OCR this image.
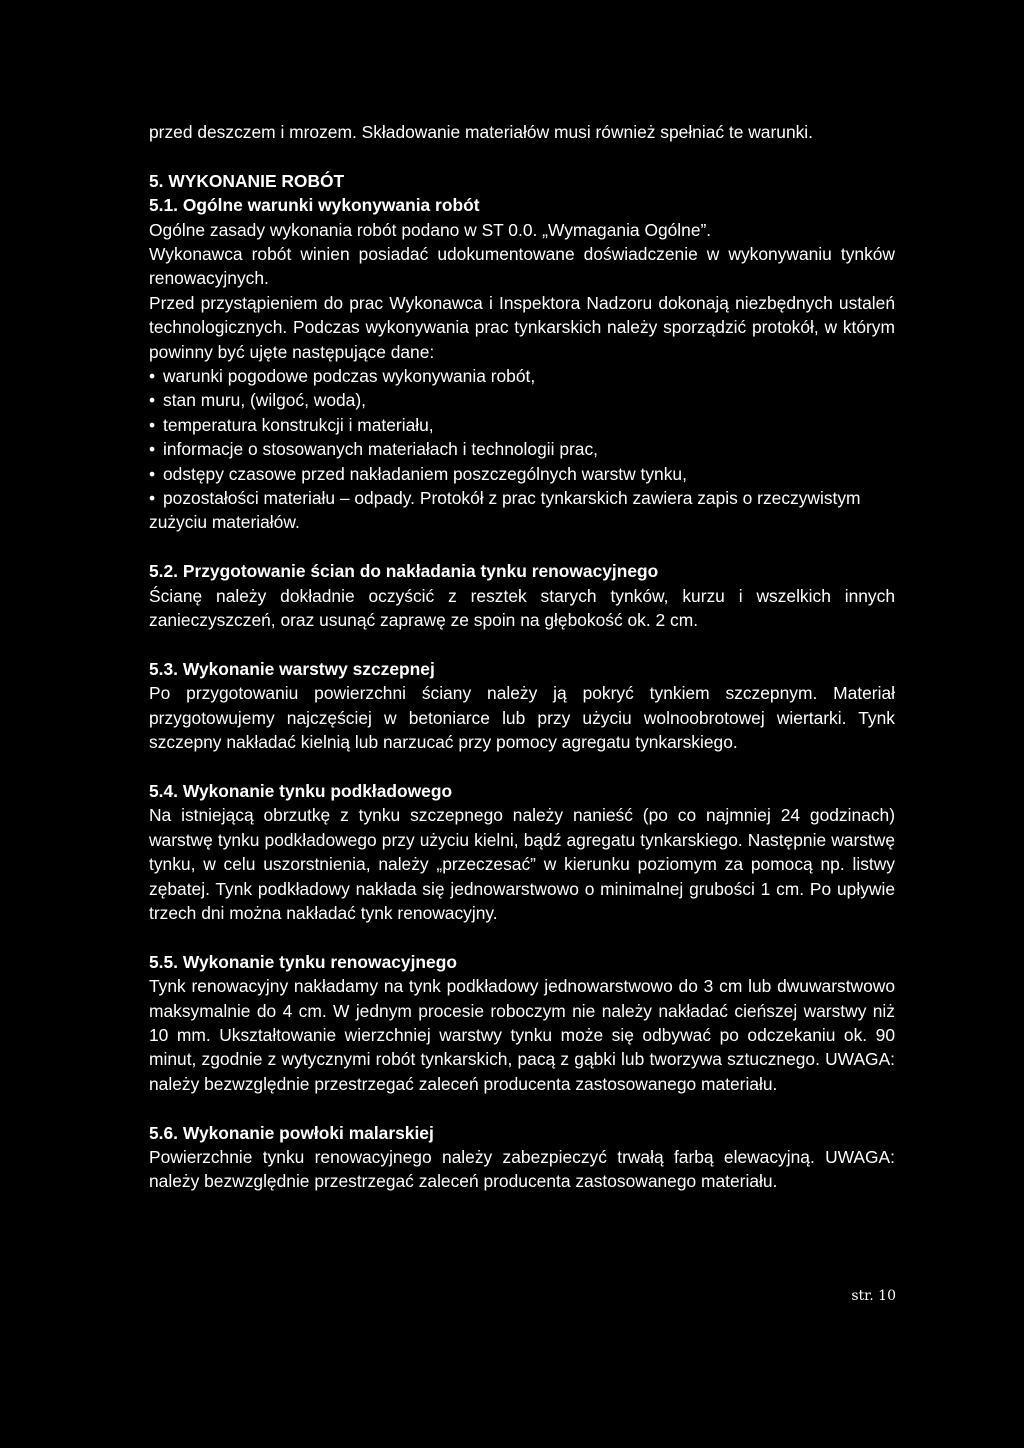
przed deszczem i mrozem. Składowanie materiałów musi również spełniać te warunki.

5. WYKONANIE ROBÓT

5.1. Ogólne warunki wykonywania robót

Ogólne zasady wykonania robót podano w ST 0.0. „Wymagania Ogólne”.

Wykonawca robót winien posiadać udokumentowane doświadczenie w wykonywaniu tynków renowacyjnych.

Przed przystąpieniem do prac Wykonawca i Inspektora Nadzoru dokonają niezbędnych ustaleń technologicznych. Podczas wykonywania prac tynkarskich należy sporządzić protokół, w którym powinny być ujęte następujące dane:

• warunki pogodowe podczas wykonywania robót,
• stan muru, (wilgoć, woda),
• temperatura konstrukcji i materiału,
• informacje o stosowanych materiałach i technologii prac,
• odstępy czasowe przed nakładaniem poszczególnych warstw tynku,
• pozostałości materiału – odpady. Protokół z prac tynkarskich zawiera zapis o rzeczywistym zużyciu materiałów.

5.2. Przygotowanie ścian do nakładania tynku renowacyjnego

Ścianę należy dokładnie oczyścić z resztek starych tynków, kurzu i wszelkich innych zanieczyszczeń, oraz usunąć zaprawę ze spoin na głębokość ok. 2 cm.

5.3. Wykonanie warstwy szczepnej

Po przygotowaniu powierzchni ściany należy ją pokryć tynkiem szczepnym. Materiał przygotowujemy najczęściej w betoniarce lub przy użyciu wolnoobrotowej wiertarki. Tynk szczepny nakładać kielnią lub narzucać przy pomocy agregatu tynkarskiego.

5.4. Wykonanie tynku podkładowego

Na istniejącą obrzutkę z tynku szczepnego należy nanieść (po co najmniej 24 godzinach) warstwę tynku podkładowego przy użyciu kielni, bądź agregatu tynkarskiego. Następnie warstwę tynku, w celu uszorstnienia, należy „przeczesać” w kierunku poziomym za pomocą np. listwy zębatej. Tynk podkładowy nakłada się jednowarstwowo o minimalnej grubości 1 cm. Po upływie trzech dni można nakładać tynk renowacyjny.

5.5. Wykonanie tynku renowacyjnego

Tynk renowacyjny nakładamy na tynk podkładowy jednowarstwowo do 3 cm lub dwuwarstwowo maksymalnie do 4 cm. W jednym procesie roboczym nie należy nakładać cieńszej warstwy niż 10 mm. Ukształtowanie wierzchniej warstwy tynku może się odbywać po odczekaniu ok. 90 minut, zgodnie z wytycznymi robót tynkarskich, pacą z gąbki lub tworzywa sztucznego. UWAGA: należy bezwzględnie przestrzegać zaleceń producenta zastosowanego materiału.

5.6. Wykonanie powłoki malarskiej

Powierzchnie tynku renowacyjnego należy zabezpieczyć trwałą farbą elewacyjną. UWAGA: należy bezwzględnie przestrzegać zaleceń producenta zastosowanego materiału.

str. 10
